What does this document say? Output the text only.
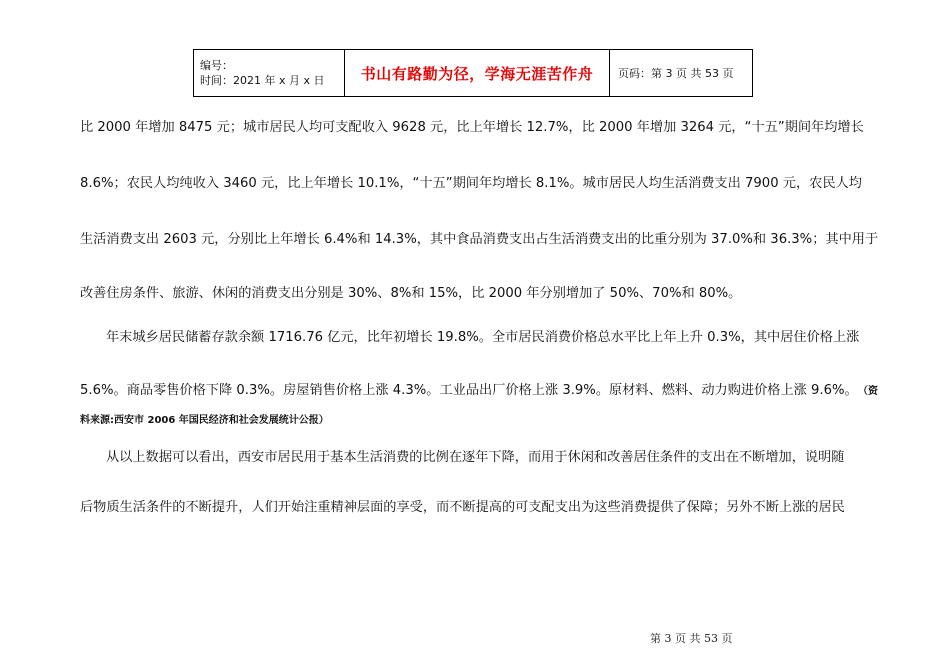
编号：
时间：2021 年 x 月 x 日	书山有路勤为径，学海无涯苦作舟	页码：第 3 页 共 53 页
比 2000 年增加 8475 元；城市居民人均可支配收入 9628 元，比上年增长 12.7%，比 2000 年增加 3264 元，“十五”期间年均增长
8.6%；农民人均纯收入 3460 元，比上年增长 10.1%，“十五”期间年均增长 8.1%。城市居民人均生活消费支出 7900 元，农民人均
生活消费支出 2603 元，分别比上年增长 6.4%和 14.3%，其中食品消费支出占生活消费支出的比重分别为 37.0%和 36.3%；其中用于
改善住房条件、旅游、休闲的消费支出分别是 30%、8%和 15%，比 2000 年分别增加了 50%、70%和 80%。
年末城乡居民储蓄存款余额 1716.76 亿元，比年初增长 19.8%。全市居民消费价格总水平比上年上升 0.3%，其中居住价格上涨
5.6%。商品零售价格下降 0.3%。房屋销售价格上涨 4.3%。工业品出厂价格上涨 3.9%。原材料、燃料、动力购进价格上涨 9.6%。 （资
料来源:西安市 2006 年国民经济和社会发展统计公报）
从以上数据可以看出，西安市居民用于基本生活消费的比例在逐年下降，而用于休闲和改善居住条件的支出在不断增加，说明随
后物质生活条件的不断提升，人们开始注重精神层面的享受，而不断提高的可支配支出为这些消费提供了保障；另外不断上涨的居民
第 3 页 共 53 页
